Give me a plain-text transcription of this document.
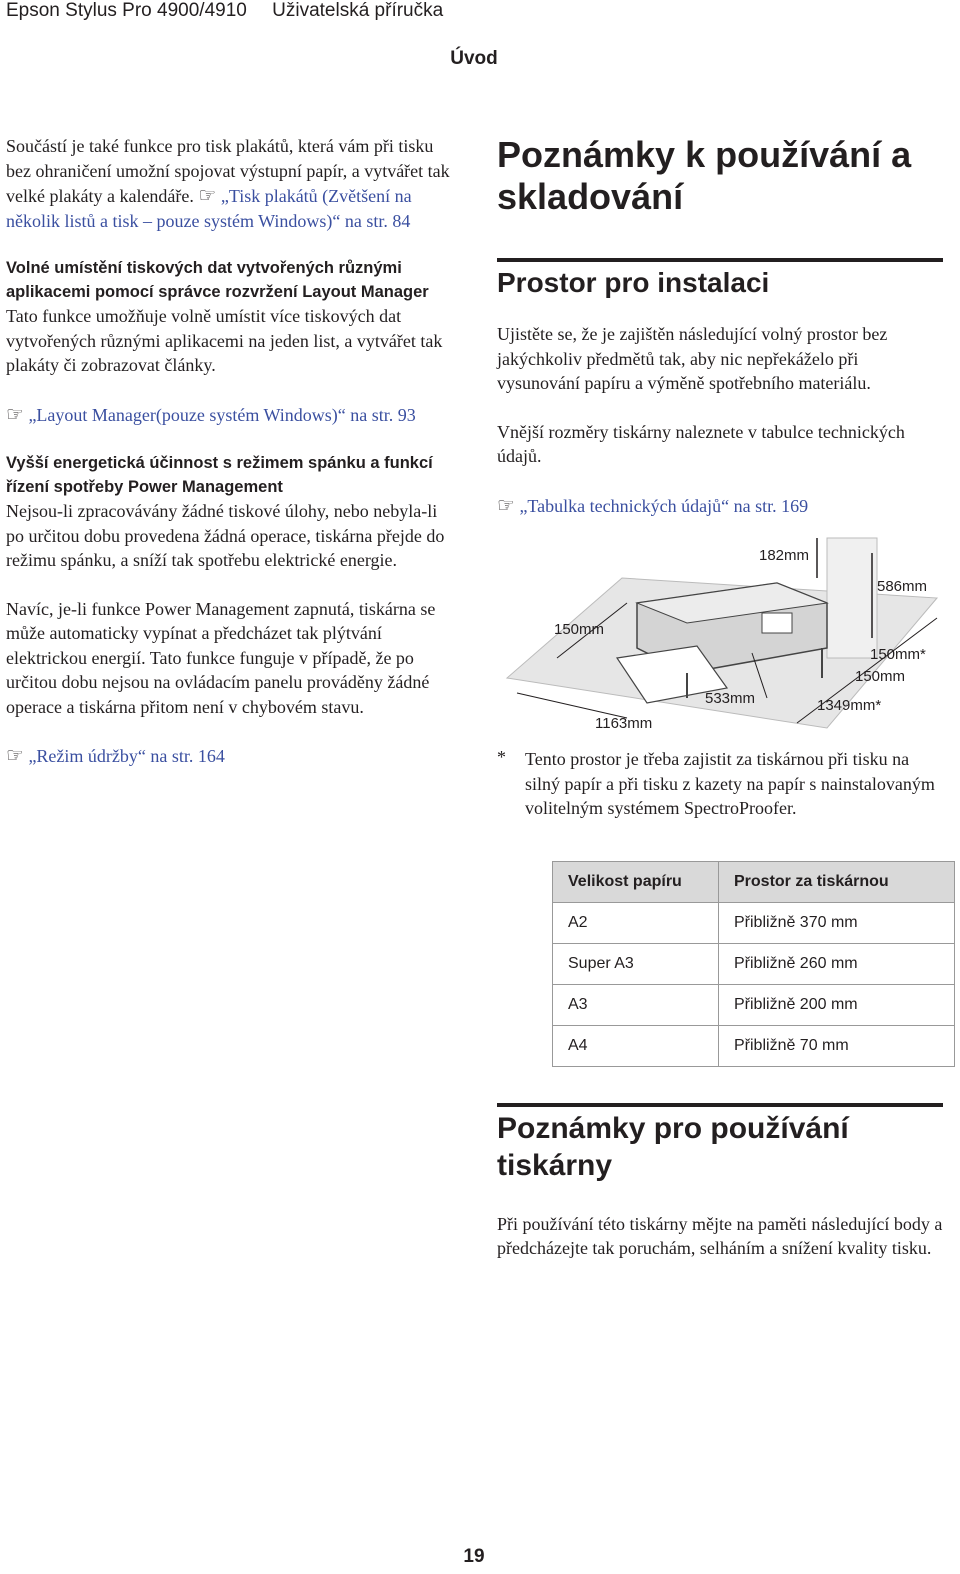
Epson Stylus Pro 4900/4910 Uživatelská příručka
Úvod

Součástí je také funkce pro tisk plakátů, která vám při tisku bez ohraničení umožní spojovat výstupní papír, a vytvářet tak velké plakáty a kalendáře. ☞ „Tisk plakátů (Zvětšení na několik listů a tisk – pouze systém Windows)“ na str. 84

Volné umístění tiskových dat vytvořených různými aplikacemi pomocí správce rozvržení Layout Manager

Tato funkce umožňuje volně umístit více tiskových dat vytvořených různými aplikacemi na jeden list, a vytvářet tak plakáty či zobrazovat články.

☞ „Layout Manager(pouze systém Windows)“ na str. 93

Vyšší energetická účinnost s režimem spánku a funkcí řízení spotřeby Power Management

Nejsou-li zpracovávány žádné tiskové úlohy, nebo nebyla-li po určitou dobu provedena žádná operace, tiskárna přejde do režimu spánku, a sníží tak spotřebu elektrické energie.

Navíc, je-li funkce Power Management zapnutá, tiskárna se může automaticky vypínat a předcházet tak plýtvání elektrickou energií. Tato funkce funguje v případě, že po určitou dobu nejsou na ovládacím panelu prováděny žádné operace a tiskárna přitom není v chybovém stavu.

☞ „Režim údržby“ na str. 164

Poznámky k používání a skladování
Prostor pro instalaci

Ujistěte se, že je zajištěn následující volný prostor bez jakýchkoliv předmětů tak, aby nic nepřekáželo při vysunování papíru a výměně spotřebního materiálu.

Vnější rozměry tiskárny naleznete v tabulce technických údajů.

☞ „Tabulka technických údajů“ na str. 169

182mm
586mm
150mm
150mm*
150mm
533mm	1349mm*
1163mm
* Tento prostor je třeba zajistit za tiskárnou při tisku na silný papír a při tisku z kazety na papír s nainstalovaným volitelným systémem SpectroProofer.

Velikost papíru	Prostor za tiskárnou
A2	Přibližně 370 mm
Super A3	Přibližně 260 mm
A3	Přibližně 200 mm
A4	Přibližně 70 mm
Poznámky pro používání tiskárny

Při používání této tiskárny mějte na paměti následující body a předcházejte tak poruchám, selháním a snížení kvality tisku.

19
